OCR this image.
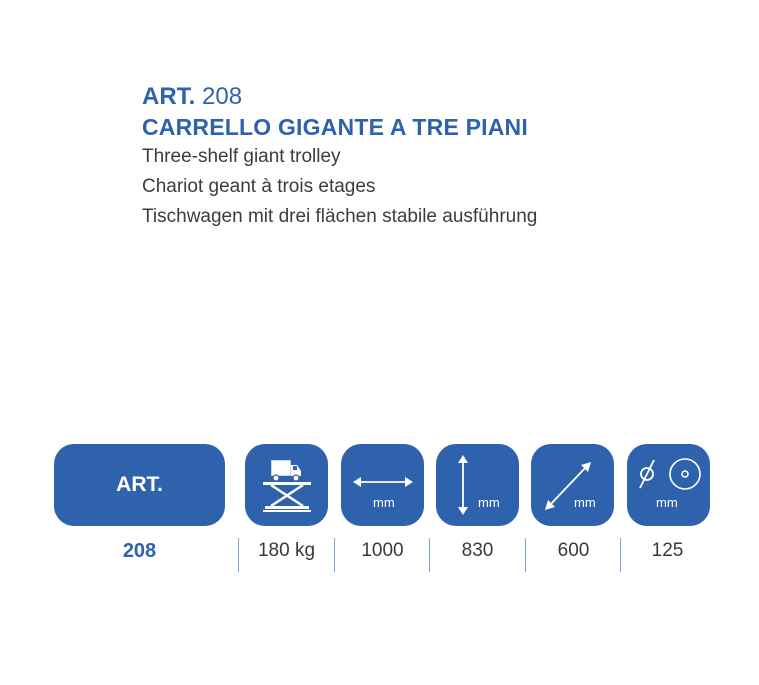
ART. 208
CARRELLO GIGANTE A TRE PIANI
Three-shelf giant trolley
Chariot geant à trois etages
Tischwagen mit drei flächen stabile ausführung
ART.
mm	mm	mm	mm
208	180 kg	1000	830	600	125
